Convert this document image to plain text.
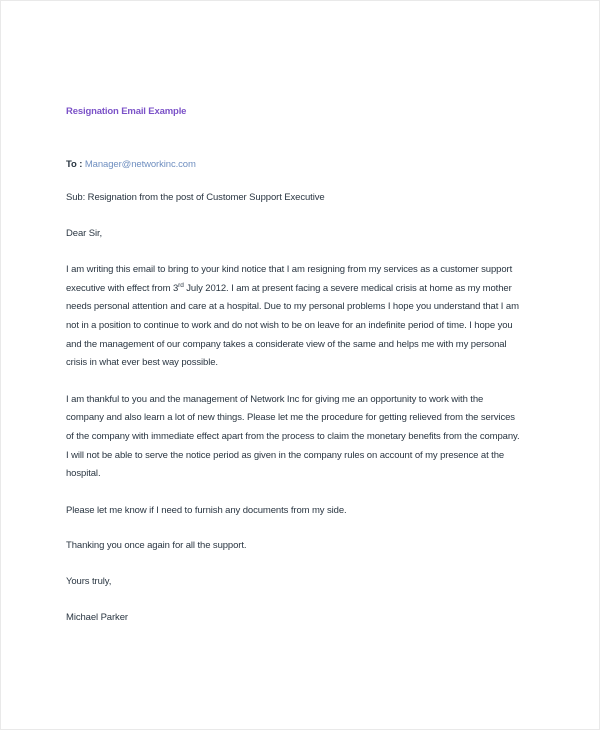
Resignation Email Example

To : Manager@networkinc.com

Sub: Resignation from the post of Customer Support Executive

Dear Sir,

I am writing this email to bring to your kind notice that I am resigning from my services as a customer support executive with effect from 3rd July 2012. I am at present facing a severe medical crisis at home as my mother needs personal attention and care at a hospital. Due to my personal problems I hope you understand that I am not in a position to continue to work and do not wish to be on leave for an indefinite period of time. I hope you and the management of our company takes a considerate view of the same and helps me with my personal crisis in what ever best way possible.

I am thankful to you and the management of Network Inc for giving me an opportunity to work with the company and also learn a lot of new things. Please let me the procedure for getting relieved from the services of the company with immediate effect apart from the process to claim the monetary benefits from the company. I will not be able to serve the notice period as given in the company rules on account of my presence at the hospital.

Please let me know if I need to furnish any documents from my side.

Thanking you once again for all the support.

Yours truly,

Michael Parker
